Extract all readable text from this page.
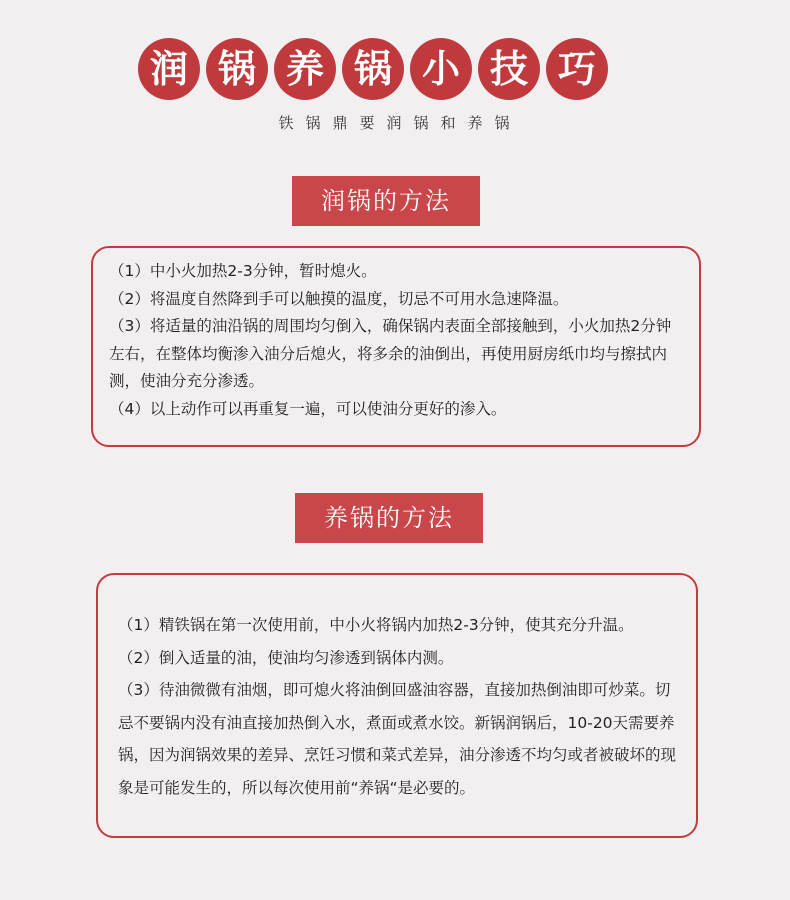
润 锅 养 锅 小 技 巧
铁锅鼎要润锅和养锅
润锅的方法

（1）中小火加热2-3分钟，暂时熄火。

（2）将温度自然降到手可以触摸的温度，切忌不可用水急速降温。

（3）将适量的油沿锅的周围均匀倒入，确保锅内表面全部接触到，小火加热2分钟左右，在整体均衡渗入油分后熄火，将多余的油倒出，再使用厨房纸巾均与擦拭内测，使油分充分渗透。

（4）以上动作可以再重复一遍，可以使油分更好的渗入。

养锅的方法

（1）精铁锅在第一次使用前，中小火将锅内加热2-3分钟，使其充分升温。

（2）倒入适量的油，使油均匀渗透到锅体内测。

（3）待油微微有油烟，即可熄火将油倒回盛油容器，直接加热倒油即可炒菜。切忌不要锅内没有油直接加热倒入水，煮面或煮水饺。新锅润锅后，10-20天需要养锅，因为润锅效果的差异、烹饪习惯和菜式差异，油分渗透不均匀或者被破坏的现象是可能发生的，所以每次使用前“养锅“是必要的。
